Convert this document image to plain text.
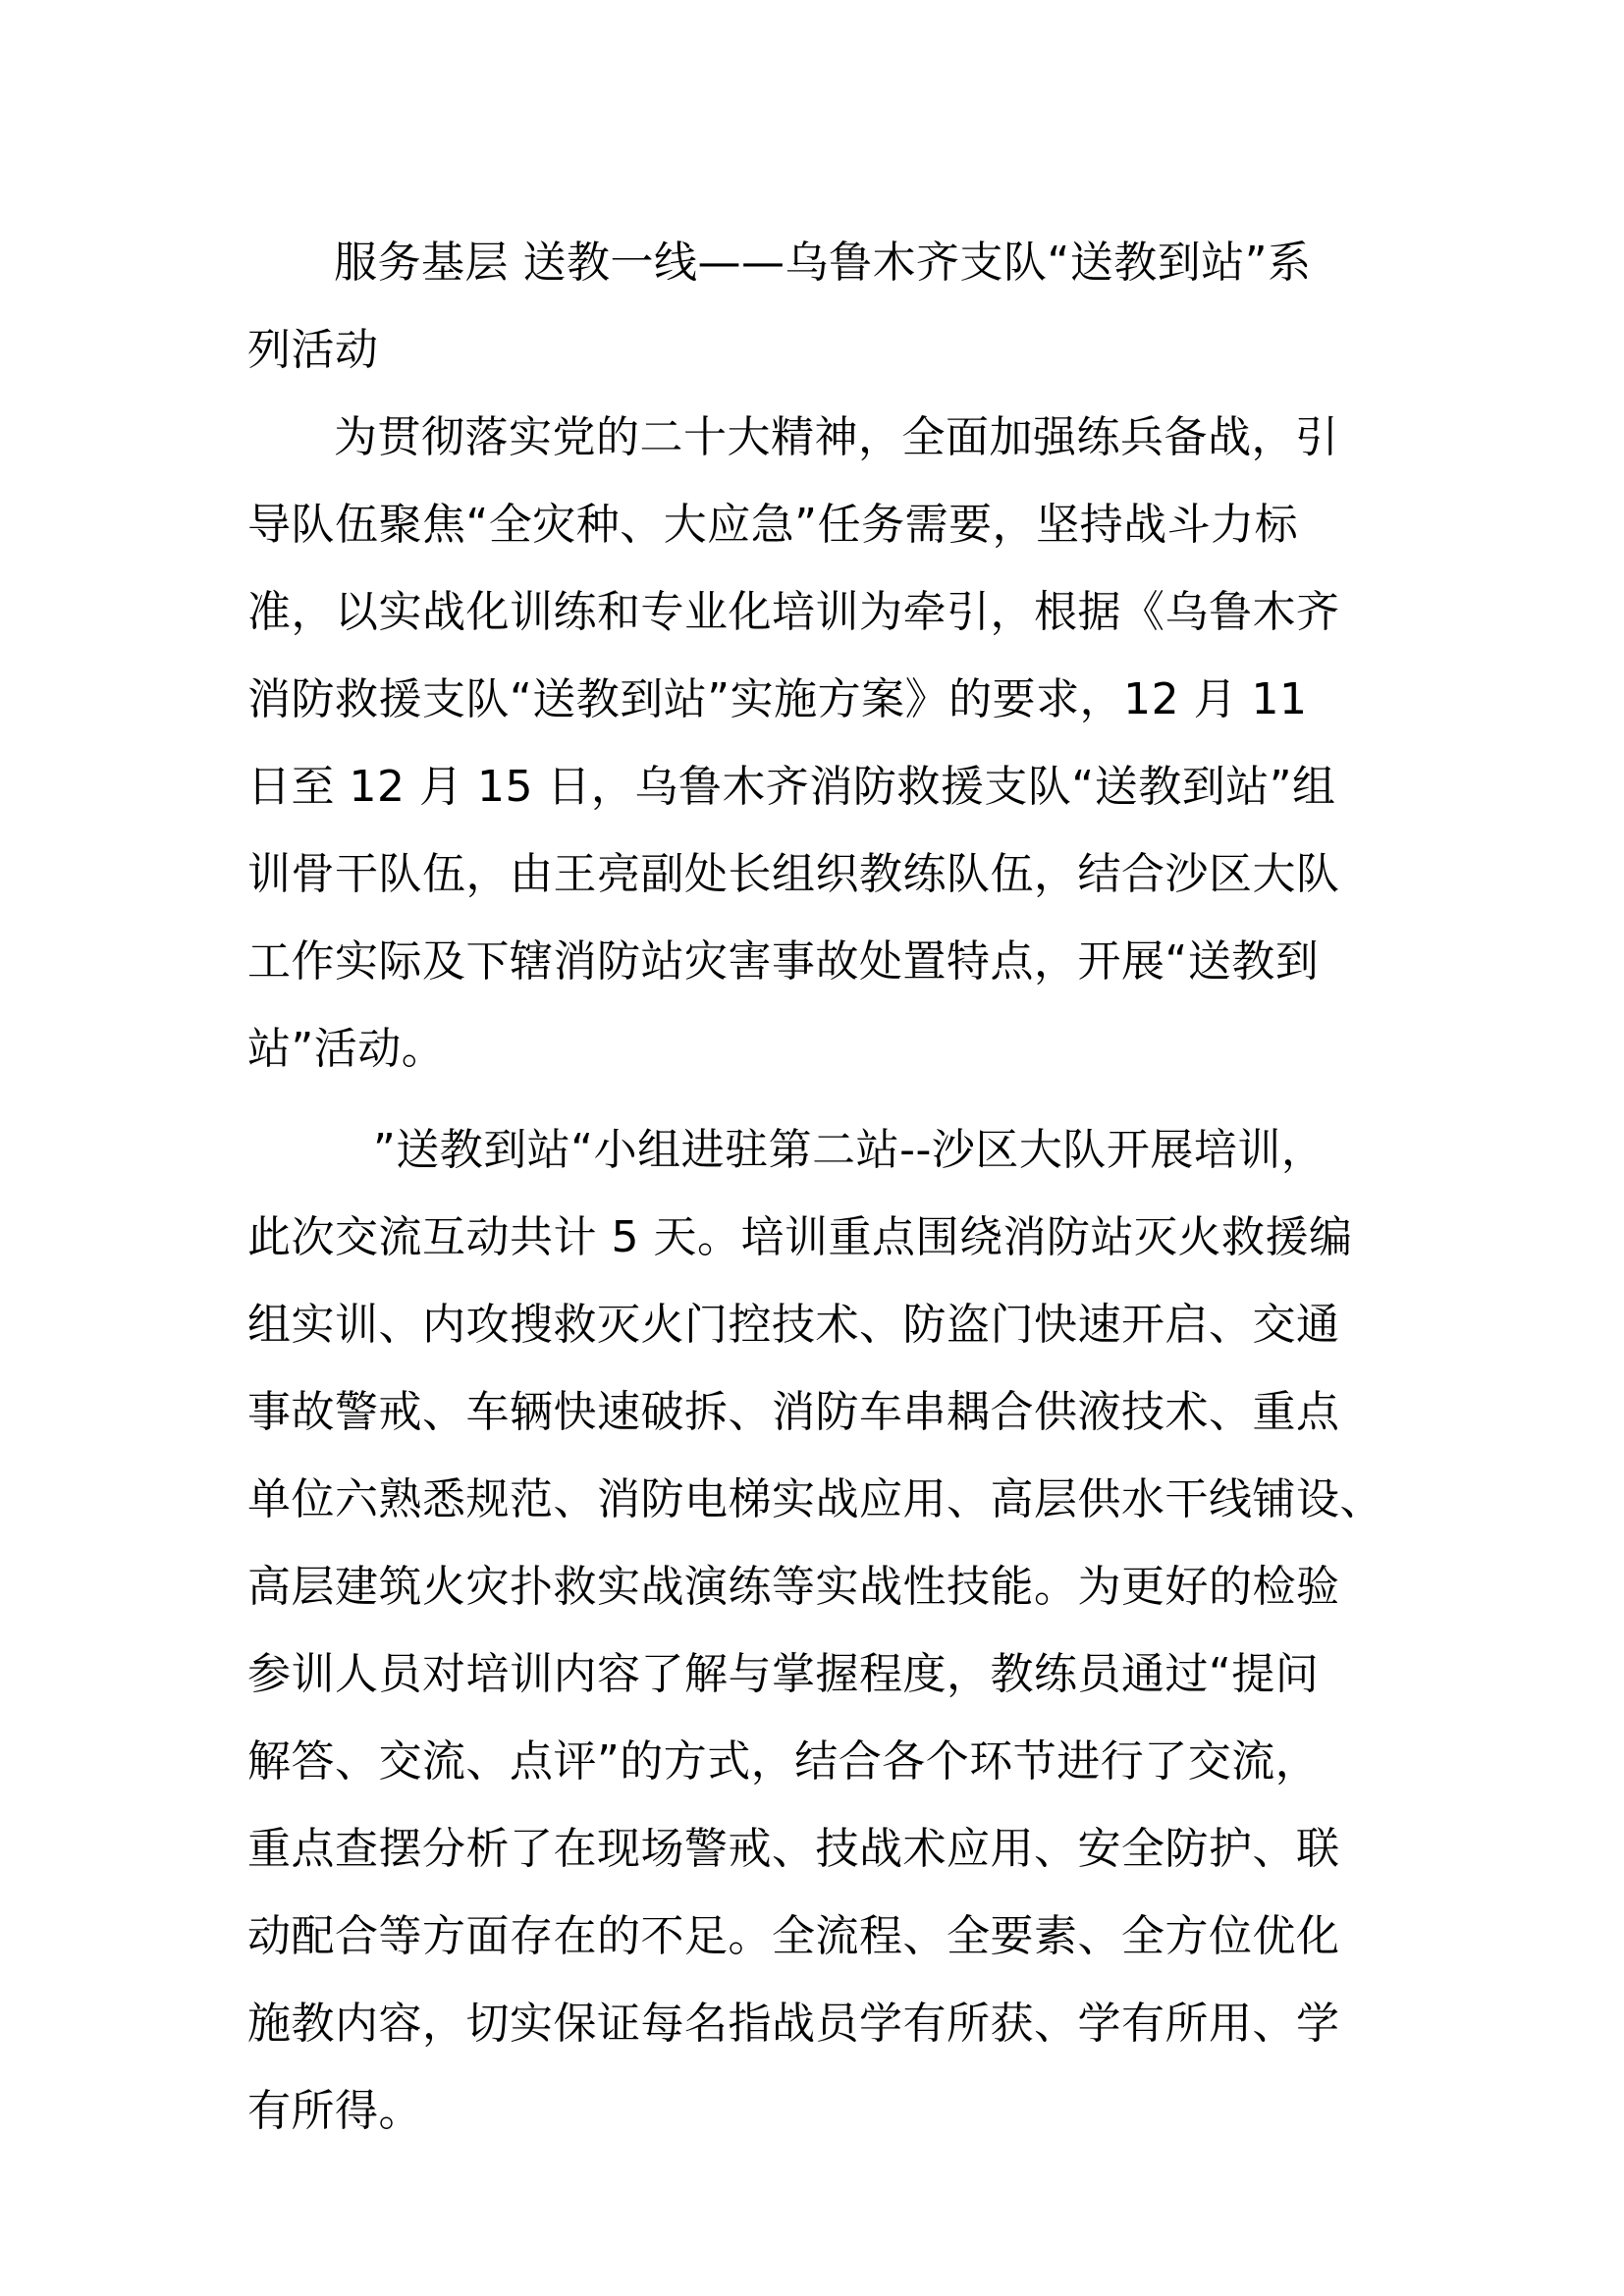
服务基层 送教一线——乌鲁木齐支队“送教到站”系
列活动
为贯彻落实党的二十大精神，全面加强练兵备战，引
导队伍聚焦“全灾种、大应急”任务需要，坚持战斗力标
准，以实战化训练和专业化培训为牵引，根据《乌鲁木齐
消防救援支队“送教到站”实施方案》的要求，12 月 11
日至 12 月 15 日，乌鲁木齐消防救援支队“送教到站”组
训骨干队伍，由王亮副处长组织教练队伍，结合沙区大队
工作实际及下辖消防站灾害事故处置特点，开展“送教到
站”活动。
”送教到站“小组进驻第二站--沙区大队开展培训，
此次交流互动共计 5 天。培训重点围绕消防站灭火救援编
组实训、内攻搜救灭火门控技术、防盗门快速开启、交通
事故警戒、车辆快速破拆、消防车串耦合供液技术、重点
单位六熟悉规范、消防电梯实战应用、高层供水干线铺设、
高层建筑火灾扑救实战演练等实战性技能。为更好的检验
参训人员对培训内容了解与掌握程度，教练员通过“提问
解答、交流、点评”的方式，结合各个环节进行了交流，
重点查摆分析了在现场警戒、技战术应用、安全防护、联
动配合等方面存在的不足。全流程、全要素、全方位优化
施教内容，切实保证每名指战员学有所获、学有所用、学
有所得。
